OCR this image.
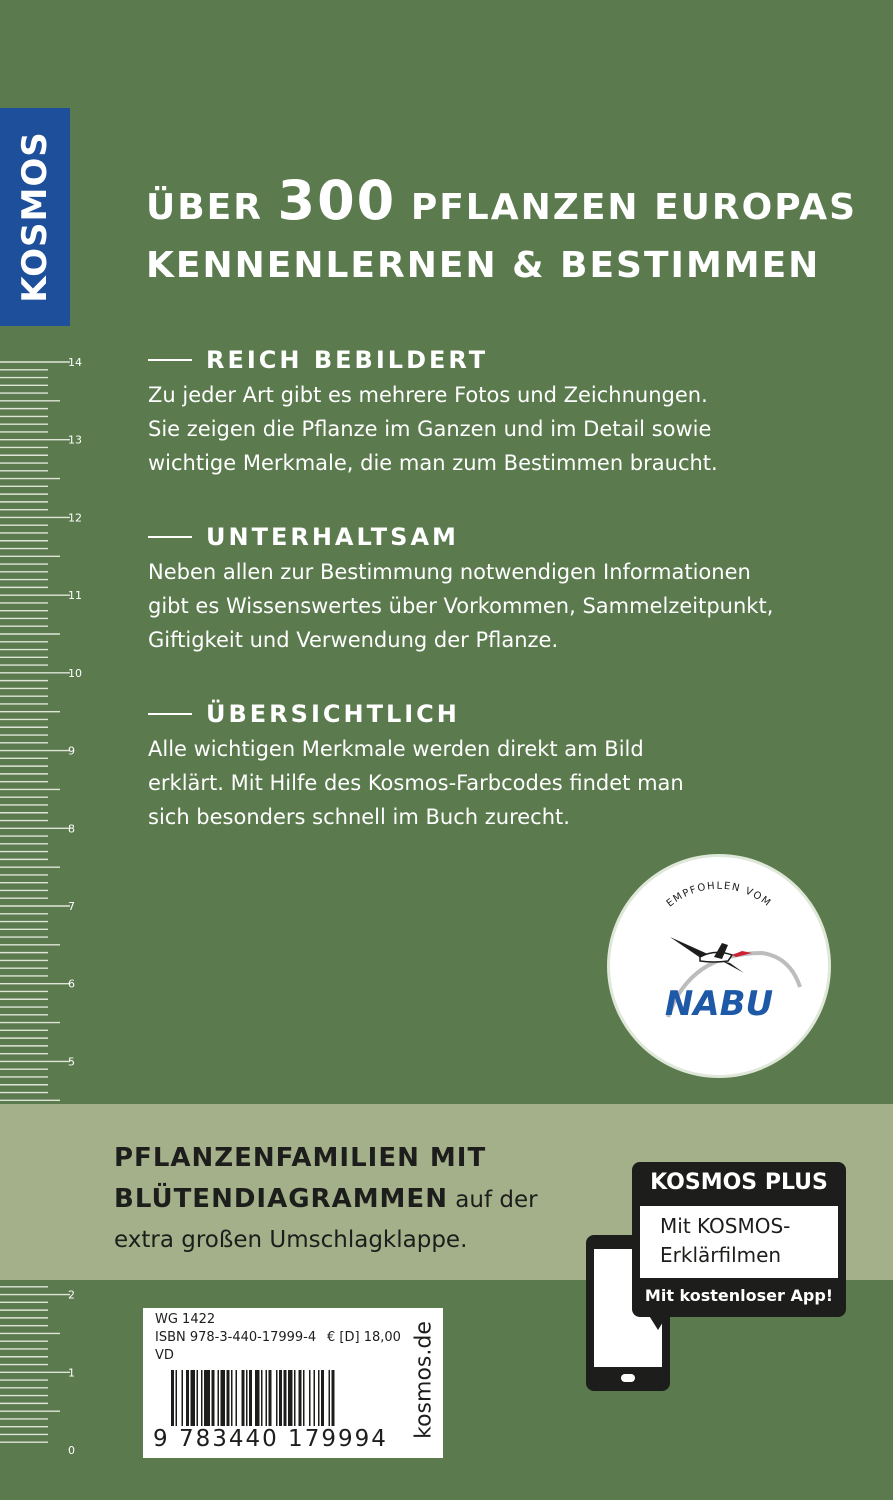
KOSMOS
14
13
12
11
10
9
8
7
6
5
2
1
0
ÜBER 300 PFLANZEN EUROPAS
KENNENLERNEN & BESTIMMEN
REICH BEBILDERT
Zu jeder Art gibt es mehrere Fotos und Zeichnungen.
Sie zeigen die Pflanze im Ganzen und im Detail sowie
wichtige Merkmale, die man zum Bestimmen braucht.
UNTERHALTSAM
Neben allen zur Bestimmung notwendigen Informationen
gibt es Wissenswertes über Vorkommen, Sammelzeitpunkt,
Giftigkeit und Verwendung der Pflanze.
ÜBERSICHTLICH
Alle wichtigen Merkmale werden direkt am Bild
erklärt. Mit Hilfe des Kosmos-Farbcodes findet man
sich besonders schnell im Buch zurecht.
EMPFOHLEN VOM
NABU
PFLANZENFAMILIEN MIT
BLÜTENDIAGRAMMEN auf der
extra großen Umschlagklappe.
KOSMOS PLUS
Mit KOSMOS-
Erklärfilmen
Mit kostenloser App!
WG 1422
ISBN 978-3-440-17999-4 € [D] 18,00
VD
9 783440 179994
kosmos.de
